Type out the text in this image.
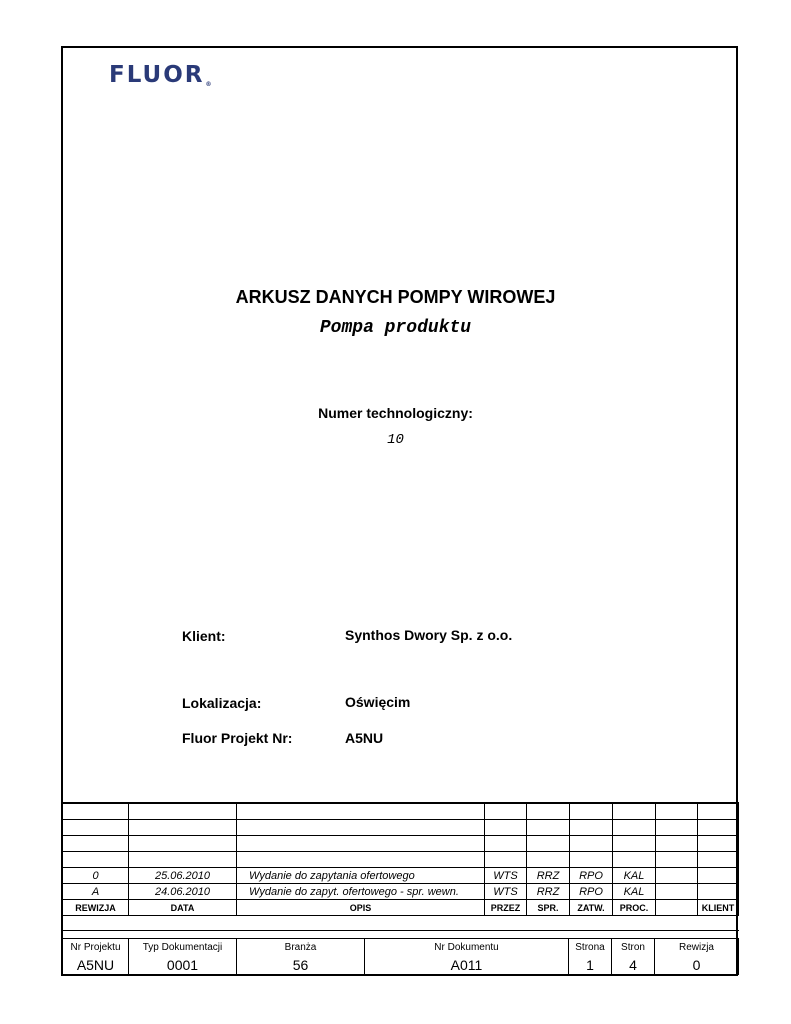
FLUOR®
ARKUSZ DANYCH POMPY WIROWEJ
Pompa produktu
Numer technologiczny:
10
Klient:	Synthos Dwory Sp. z o.o.
Lokalizacja:	Oświęcim
Fluor Projekt Nr:	A5NU

0	25.06.2010	Wydanie do zapytania ofertowego	WTS	RRZ	RPO	KAL		
A	24.06.2010	Wydanie do zapyt. ofertowego - spr. wewn.	WTS	RRZ	RPO	KAL		
REWIZJA	DATA	OPIS	PRZEZ	SPR.	ZATW.	PROC.		KLIENT

Nr Projektu	Typ Dokumentacji	Branża	Nr Dokumentu	Strona	Stron	Rewizja
A5NU	0001	56	A011	1	4	0
